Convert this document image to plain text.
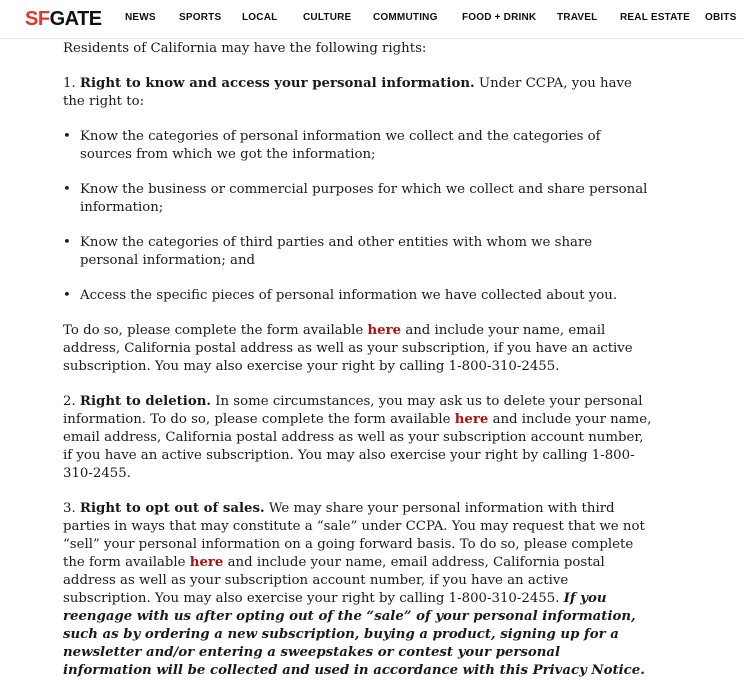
SFGATE NEWS SPORTS LOCAL	CULTURE COMMUTING FOOD + DRINK TRAVEL REAL ESTATE OBITS

Residents of California may have the following rights:

1. Right to know and access your personal information. Under CCPA, you have the right to:

• Know the categories of personal information we collect and the categories of sources from which we got the information;

• Know the business or commercial purposes for which we collect and share personal information;

• Know the categories of third parties and other entities with whom we share personal information; and

• Access the specific pieces of personal information we have collected about you.

To do so, please complete the form available here and include your name, email address, California postal address as well as your subscription, if you have an active subscription. You may also exercise your right by calling 1-800-310-2455.

2. Right to deletion. In some circumstances, you may ask us to delete your personal information. To do so, please complete the form available here and include your name, email address, California postal address as well as your subscription account number, if you have an active subscription. You may also exercise your right by calling 1-800-310-2455.

3. Right to opt out of sales. We may share your personal information with third parties in ways that may constitute a “sale” under CCPA. You may request that we not “sell” your personal information on a going forward basis. To do so, please complete the form available here and include your name, email address, California postal address as well as your subscription account number, if you have an active subscription. You may also exercise your right by calling 1-800-310-2455. If you reengage with us after opting out of the “sale” of your personal information, such as by ordering a new subscription, buying a product, signing up for a newsletter and/or entering a sweepstakes or contest your personal information will be collected and used in accordance with this Privacy Notice.
